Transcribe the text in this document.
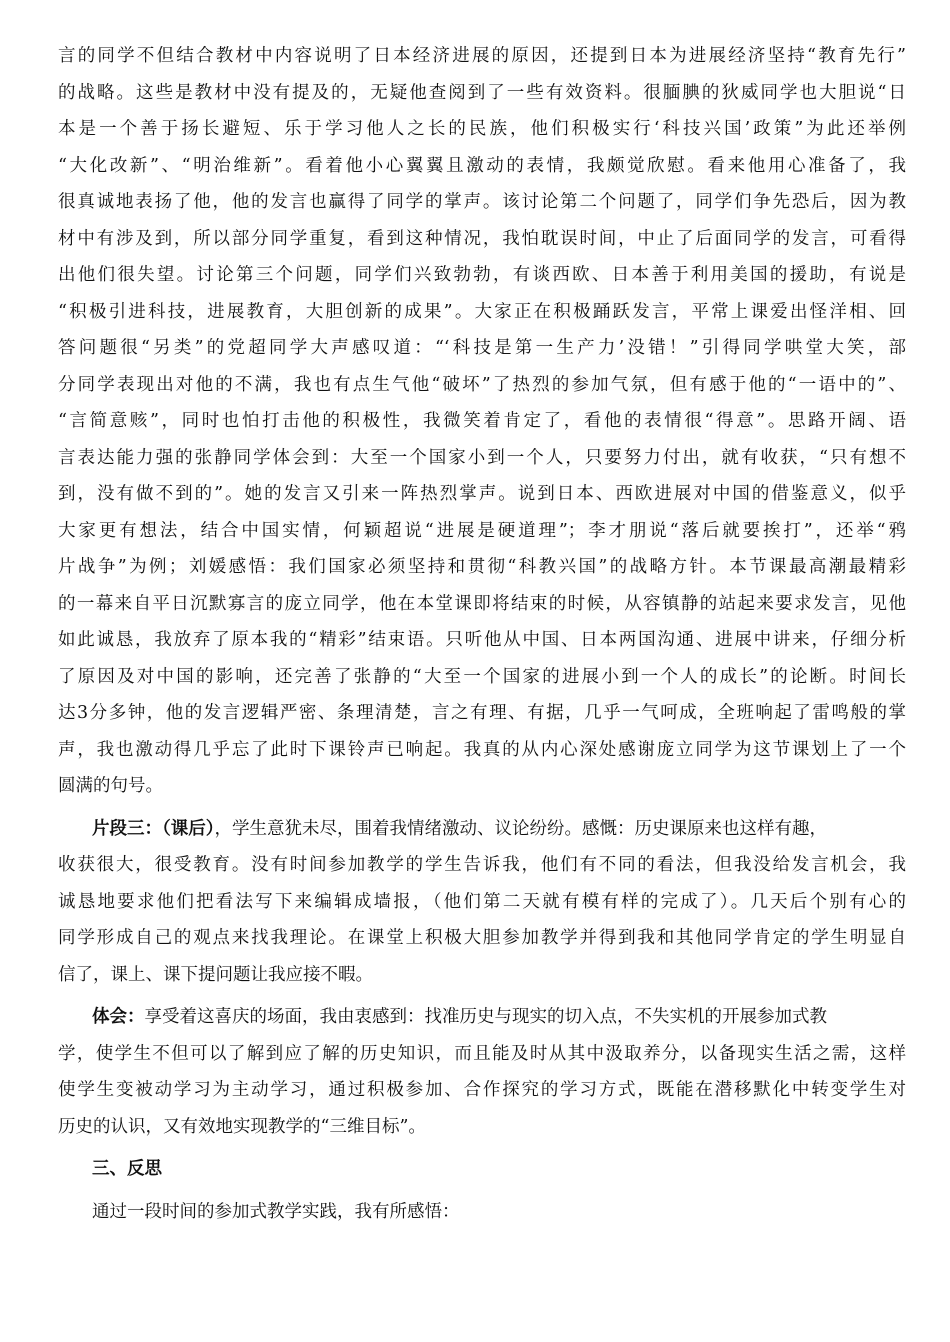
言的同学不但结合教材中内容说明了日本经济进展的原因，还提到日本为进展经济坚持“教育先行”
的战略。这些是教材中没有提及的，无疑他查阅到了一些有效资料。很腼腆的狄威同学也大胆说“日
本是一个善于扬长避短、乐于学习他人之长的民族，他们积极实行‘科技兴国’政策”为此还举例
“大化改新”、“明治维新”。看着他小心翼翼且激动的表情，我颇觉欣慰。看来他用心准备了，我
很真诚地表扬了他，他的发言也赢得了同学的掌声。该讨论第二个问题了，同学们争先恐后，因为教
材中有涉及到，所以部分同学重复，看到这种情况，我怕耽误时间，中止了后面同学的发言，可看得
出他们很失望。讨论第三个问题，同学们兴致勃勃，有谈西欧、日本善于利用美国的援助，有说是
“积极引进科技，进展教育，大胆创新的成果”。大家正在积极踊跃发言，平常上课爱出怪洋相、回
答问题很“另类”的党超同学大声感叹道：“‘科技是第一生产力’没错！”引得同学哄堂大笑，部
分同学表现出对他的不满，我也有点生气他“破坏”了热烈的参加气氛，但有感于他的“一语中的”、
“言简意赅”，同时也怕打击他的积极性，我微笑着肯定了，看他的表情很“得意”。思路开阔、语
言表达能力强的张静同学体会到：大至一个国家小到一个人，只要努力付出，就有收获，“只有想不
到，没有做不到的”。她的发言又引来一阵热烈掌声。说到日本、西欧进展对中国的借鉴意义，似乎
大家更有想法，结合中国实情，何颖超说“进展是硬道理”；李才朋说“落后就要挨打”，还举“鸦
片战争”为例；刘媛感悟：我们国家必须坚持和贯彻“科教兴国”的战略方针。本节课最高潮最精彩
的一幕来自平日沉默寡言的庞立同学，他在本堂课即将结束的时候，从容镇静的站起来要求发言，见他
如此诚恳，我放弃了原本我的“精彩”结束语。只听他从中国、日本两国沟通、进展中讲来，仔细分析
了原因及对中国的影响，还完善了张静的“大至一个国家的进展小到一个人的成长”的论断。时间长
达3分多钟，他的发言逻辑严密、条理清楚，言之有理、有据，几乎一气呵成，全班响起了雷鸣般的掌
声，我也激动得几乎忘了此时下课铃声已响起。我真的从内心深处感谢庞立同学为这节课划上了一个
圆满的句号。
片段三：（课后），学生意犹未尽，围着我情绪激动、议论纷纷。感慨：历史课原来也这样有趣，
收获很大，很受教育。没有时间参加教学的学生告诉我，他们有不同的看法，但我没给发言机会，我
诚恳地要求他们把看法写下来编辑成墙报，（他们第二天就有模有样的完成了）。几天后个别有心的
同学形成自己的观点来找我理论。在课堂上积极大胆参加教学并得到我和其他同学肯定的学生明显自
信了，课上、课下提问题让我应接不暇。
体会：享受着这喜庆的场面，我由衷感到：找准历史与现实的切入点，不失实机的开展参加式教
学，使学生不但可以了解到应了解的历史知识，而且能及时从其中汲取养分，以备现实生活之需，这样
使学生变被动学习为主动学习，通过积极参加、合作探究的学习方式，既能在潜移默化中转变学生对
历史的认识，又有效地实现教学的“三维目标”。
三、反思
通过一段时间的参加式教学实践，我有所感悟：
